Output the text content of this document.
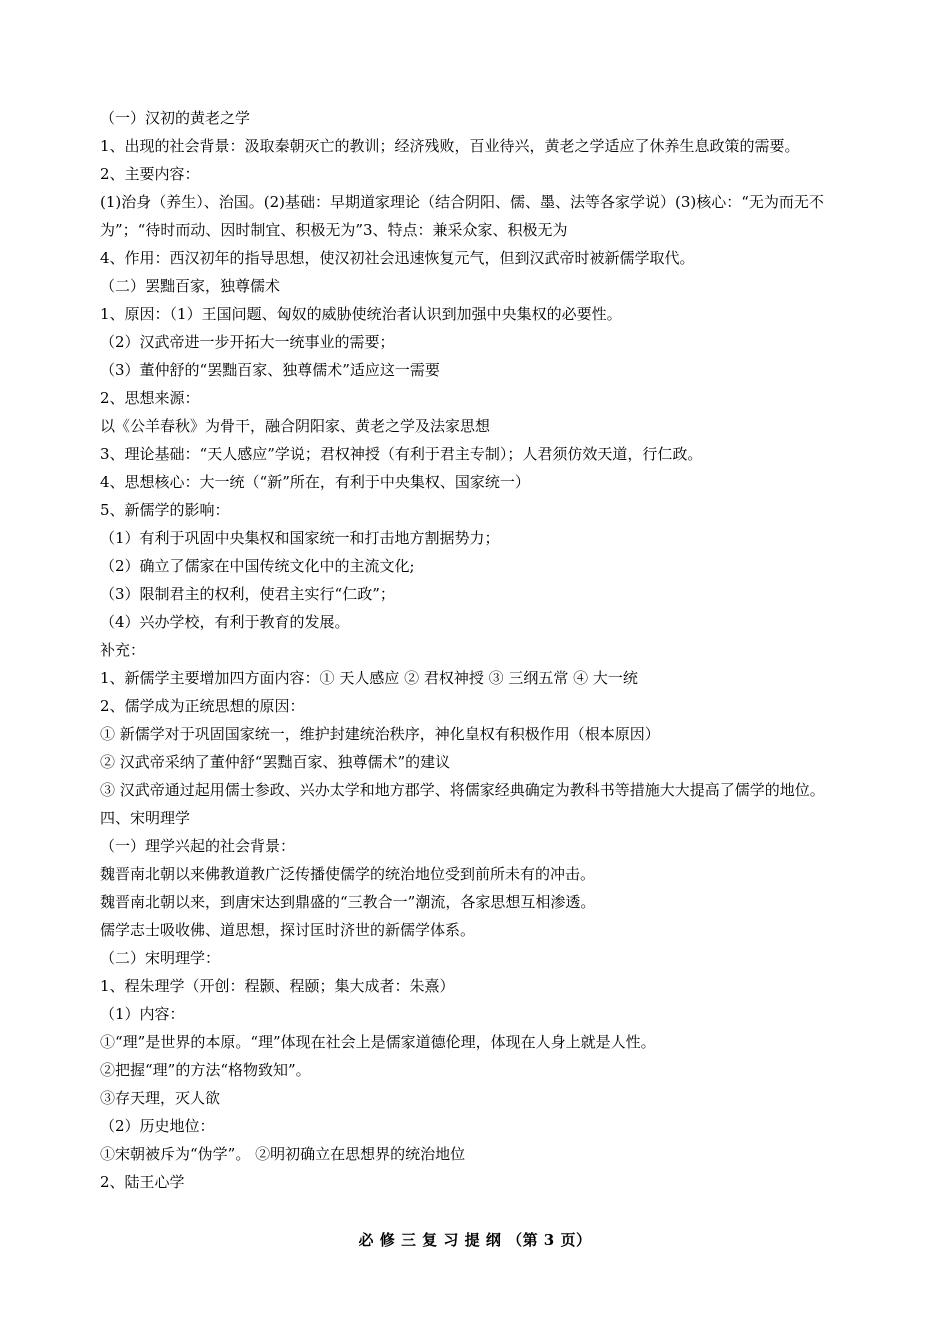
（一）汉初的黄老之学

1、出现的社会背景：汲取秦朝灭亡的教训；经济残败，百业待兴，黄老之学适应了休养生息政策的需要。

2、主要内容：

(1)治身（养生）、治国。(2)基础：早期道家理论（结合阴阳、儒、墨、法等各家学说）(3)核心：“无为而无不为”；“待时而动、因时制宜、积极无为”3、特点：兼采众家、积极无为

4、作用：西汉初年的指导思想，使汉初社会迅速恢复元气，但到汉武帝时被新儒学取代。

（二）罢黜百家，独尊儒术

1、原因：（1）王国问题、匈奴的威胁使统治者认识到加强中央集权的必要性。

（2）汉武帝进一步开拓大一统事业的需要；

（3）董仲舒的“罢黜百家、独尊儒术”适应这一需要

2、思想来源：

以《公羊春秋》为骨干，融合阴阳家、黄老之学及法家思想

3、理论基础：“天人感应”学说；君权神授（有利于君主专制）；人君须仿效天道，行仁政。

4、思想核心：大一统（“新”所在，有利于中央集权、国家统一）

5、新儒学的影响：

（1）有利于巩固中央集权和国家统一和打击地方割据势力；

（2）确立了儒家在中国传统文化中的主流文化;

（3）限制君主的权利，使君主实行“仁政”；

（4）兴办学校，有利于教育的发展。

补充：

1、新儒学主要增加四方面内容：① 天人感应 ② 君权神授 ③ 三纲五常 ④ 大一统

2、儒学成为正统思想的原因：

① 新儒学对于巩固国家统一，维护封建统治秩序，神化皇权有积极作用（根本原因）

② 汉武帝采纳了董仲舒“罢黜百家、独尊儒术”的建议

③ 汉武帝通过起用儒士参政、兴办太学和地方郡学、将儒家经典确定为教科书等措施大大提高了儒学的地位。

四、宋明理学

（一）理学兴起的社会背景：

魏晋南北朝以来佛教道教广泛传播使儒学的统治地位受到前所未有的冲击。

魏晋南北朝以来，到唐宋达到鼎盛的“三教合一”潮流，各家思想互相渗透。

儒学志士吸收佛、道思想，探讨匡时济世的新儒学体系。

（二）宋明理学：

1、程朱理学（开创：程颢、程颐；集大成者：朱熹）

（1）内容：

①“理”是世界的本原。“理”体现在社会上是儒家道德伦理，体现在人身上就是人性。

②把握“理”的方法“格物致知”。

③存天理，灭人欲

（2）历史地位：

①宋朝被斥为“伪学”。 ②明初确立在思想界的统治地位

2、陆王心学

必 修 三 复 习 提 纲 （第 3 页）
